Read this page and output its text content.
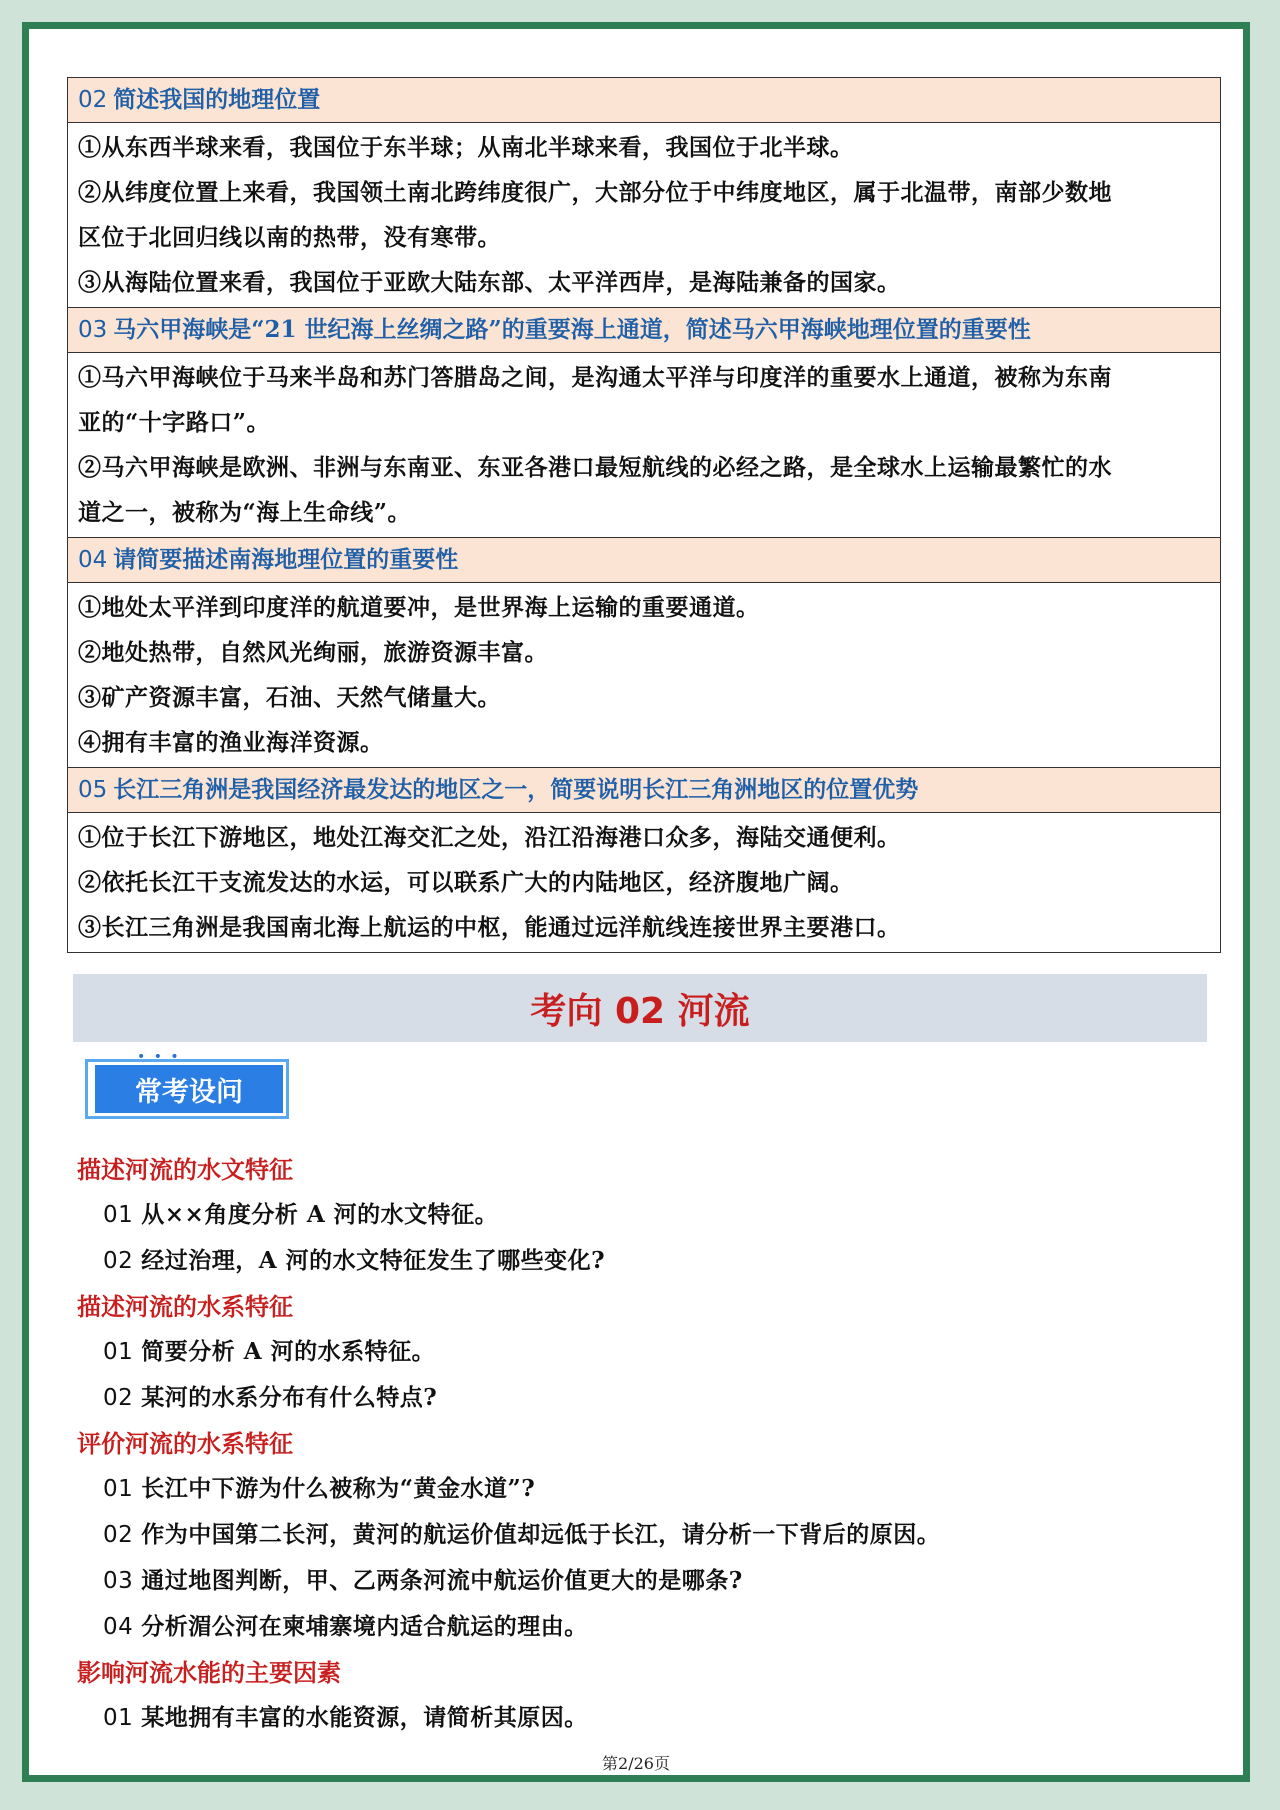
02 简述我国的地理位置
①从东西半球来看，我国位于东半球；从南北半球来看，我国位于北半球。
②从纬度位置上来看，我国领土南北跨纬度很广，大部分位于中纬度地区，属于北温带，南部少数地
区位于北回归线以南的热带，没有寒带。
③从海陆位置来看，我国位于亚欧大陆东部、太平洋西岸，是海陆兼备的国家。
03 马六甲海峡是“21 世纪海上丝绸之路”的重要海上通道，简述马六甲海峡地理位置的重要性
①马六甲海峡位于马来半岛和苏门答腊岛之间，是沟通太平洋与印度洋的重要水上通道，被称为东南
亚的“十字路口”。
②马六甲海峡是欧洲、非洲与东南亚、东亚各港口最短航线的必经之路，是全球水上运输最繁忙的水
道之一，被称为“海上生命线”。
04 请简要描述南海地理位置的重要性
①地处太平洋到印度洋的航道要冲，是世界海上运输的重要通道。
②地处热带，自然风光绚丽，旅游资源丰富。
③矿产资源丰富，石油、天然气储量大。
④拥有丰富的渔业海洋资源。
05 长江三角洲是我国经济最发达的地区之一，简要说明长江三角洲地区的位置优势
①位于长江下游地区，地处江海交汇之处，沿江沿海港口众多，海陆交通便利。
②依托长江干支流发达的水运，可以联系广大的内陆地区，经济腹地广阔。
③长江三角洲是我国南北海上航运的中枢，能通过远洋航线连接世界主要港口。
考向 02 河流
• • •
常考设问
描述河流的水文特征
01 从××角度分析 A 河的水文特征。
02 经过治理，A 河的水文特征发生了哪些变化?
描述河流的水系特征
01 简要分析 A 河的水系特征。
02 某河的水系分布有什么特点?
评价河流的水系特征
01 长江中下游为什么被称为“黄金水道”?
02 作为中国第二长河，黄河的航运价值却远低于长江，请分析一下背后的原因。
03 通过地图判断，甲、乙两条河流中航运价值更大的是哪条?
04 分析湄公河在柬埔寨境内适合航运的理由。
影响河流水能的主要因素
01 某地拥有丰富的水能资源，请简析其原因。
第2/26页
